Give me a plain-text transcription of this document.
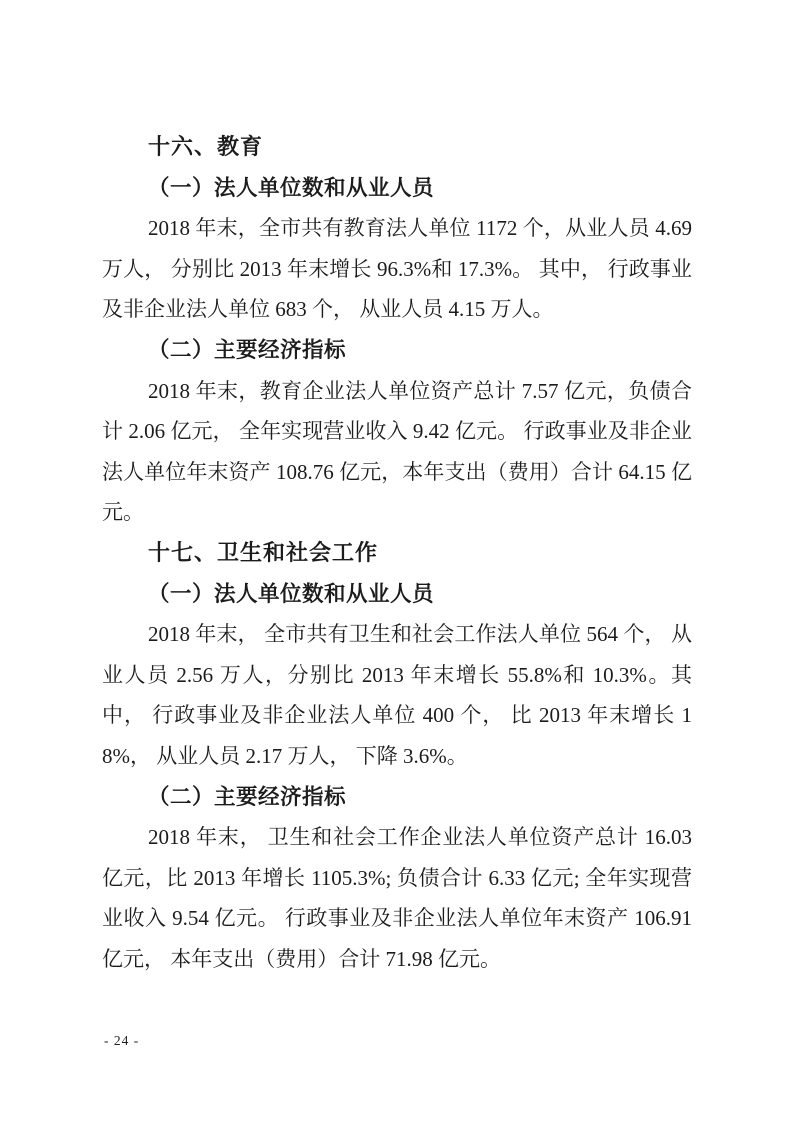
十六、教育
（一）法人单位数和从业人员

2018 年末，全市共有教育法人单位 1172 个，从业人员 4.69 万人， 分别比 2013 年末增长 96.3%和 17.3%。 其中， 行政事业及非企业法人单位 683 个， 从业人员 4.15 万人。

（二）主要经济指标

2018 年末，教育企业法人单位资产总计 7.57 亿元，负债合计 2.06 亿元， 全年实现营业收入 9.42 亿元。 行政事业及非企业法人单位年末资产 108.76 亿元，本年支出（费用）合计 64.15 亿元。

十七、卫生和社会工作
（一）法人单位数和从业人员

2018 年末， 全市共有卫生和社会工作法人单位 564 个， 从业人员 2.56 万人，分别比 2013 年末增长 55.8%和 10.3%。其中， 行政事业及非企业法人单位 400 个， 比 2013 年末增长 18%， 从业人员 2.17 万人， 下降 3.6%。

（二）主要经济指标

2018 年末， 卫生和社会工作企业法人单位资产总计 16.03 亿元，比 2013 年增长 1105.3%; 负债合计 6.33 亿元; 全年实现营业收入 9.54 亿元。 行政事业及非企业法人单位年末资产 106.91 亿元， 本年支出（费用）合计 71.98 亿元。

- 24 -
